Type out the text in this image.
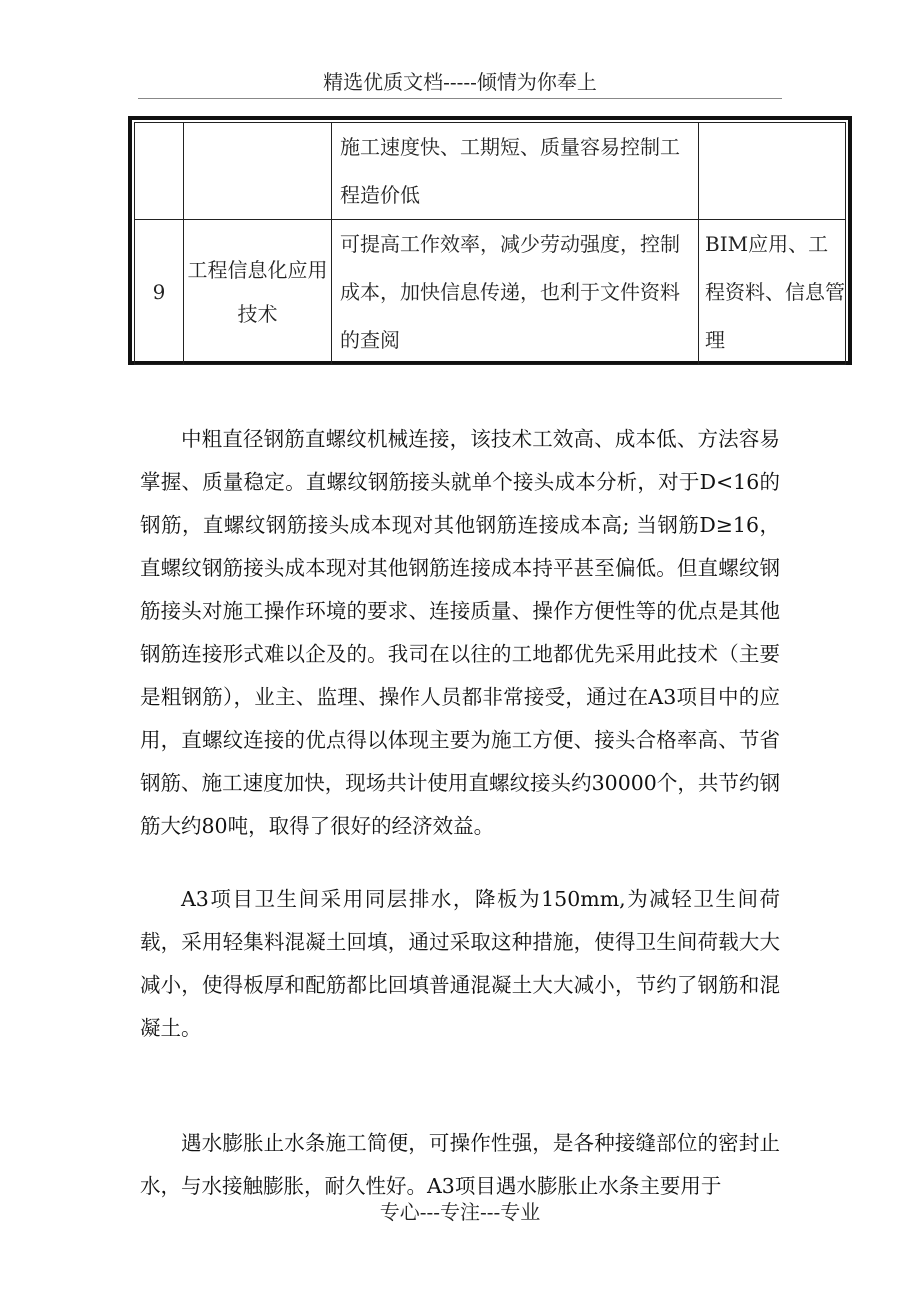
精选优质文档-----倾情为你奉上
		施工速度快、工期短、质量容易控制工程造价低	
9	工程信息化应用技术	可提高工作效率，减少劳动强度，控制成本，加快信息传递，也利于文件资料的查阅	BIM应用、工程资料、信息管理

中粗直径钢筋直螺纹机械连接，该技术工效高、成本低、方法容易掌握、质量稳定。直螺纹钢筋接头就单个接头成本分析，对于D<16的钢筋，直螺纹钢筋接头成本现对其他钢筋连接成本高; 当钢筋D≥16，直螺纹钢筋接头成本现对其他钢筋连接成本持平甚至偏低。但直螺纹钢筋接头对施工操作环境的要求、连接质量、操作方便性等的优点是其他钢筋连接形式难以企及的。我司在以往的工地都优先采用此技术（主要是粗钢筋），业主、监理、操作人员都非常接受，通过在A3项目中的应用，直螺纹连接的优点得以体现主要为施工方便、接头合格率高、节省钢筋、施工速度加快，现场共计使用直螺纹接头约30000个，共节约钢筋大约80吨，取得了很好的经济效益。

A3项目卫生间采用同层排水，降板为150mm,为减轻卫生间荷载，采用轻集料混凝土回填，通过采取这种措施，使得卫生间荷载大大减小，使得板厚和配筋都比回填普通混凝土大大减小，节约了钢筋和混凝土。

遇水膨胀止水条施工简便，可操作性强，是各种接缝部位的密封止水，与水接触膨胀，耐久性好。A3项目遇水膨胀止水条主要用于

专心---专注---专业
